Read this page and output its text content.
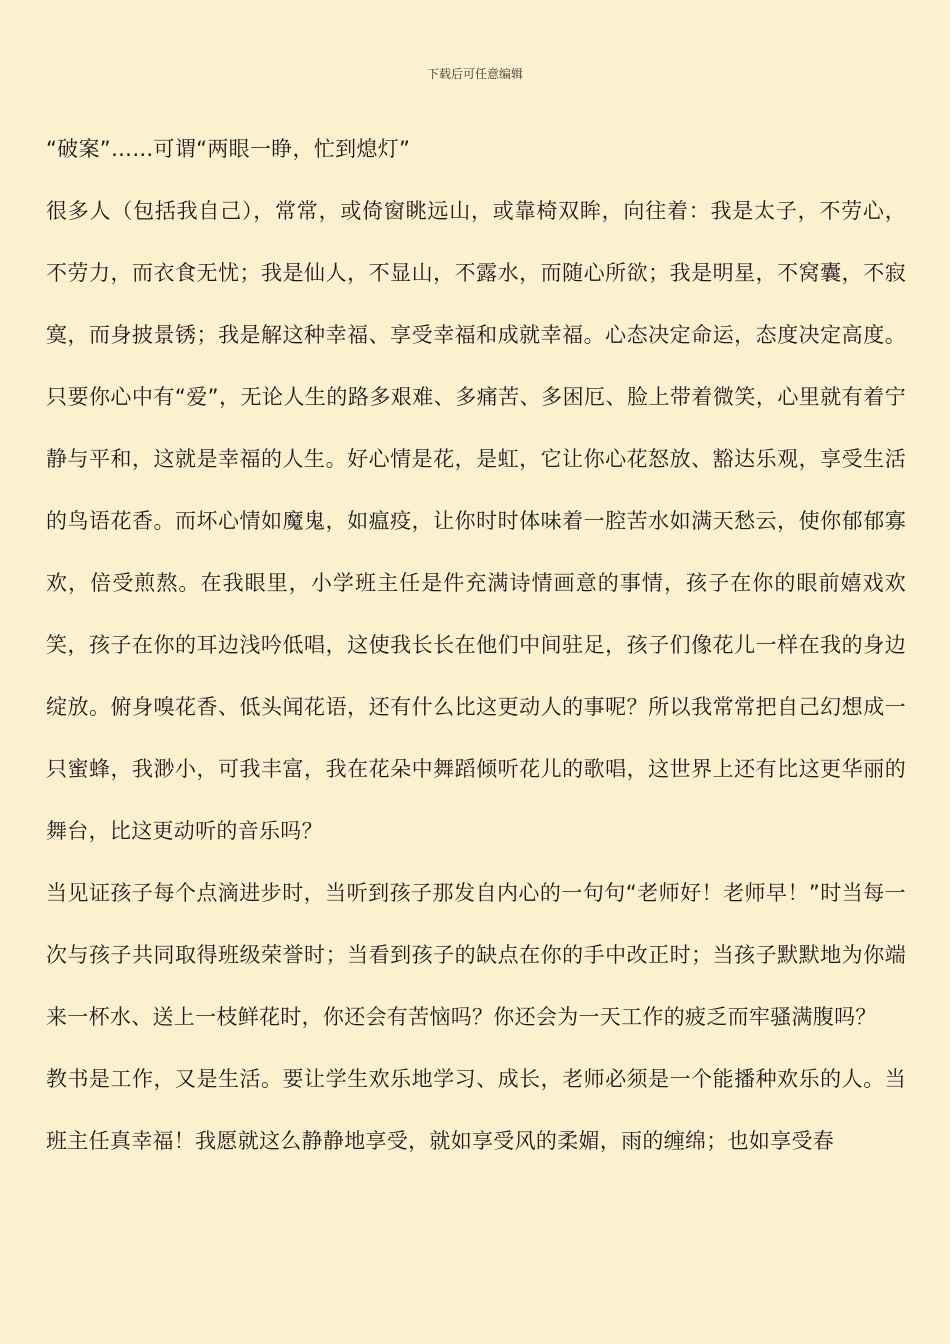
下载后可任意编辑

“破案”……可谓“两眼一睁，忙到熄灯”

很多人（包括我自己），常常，或倚窗眺远山，或靠椅双眸，向往着：我是太子，不劳心，不劳力，而衣食无忧；我是仙人，不显山，不露水，而随心所欲；我是明星，不窝囊，不寂寞，而身披景锈；我是解这种幸福、享受幸福和成就幸福。心态决定命运，态度决定高度。只要你心中有“爱”，无论人生的路多艰难、多痛苦、多困厄、脸上带着微笑，心里就有着宁静与平和，这就是幸福的人生。好心情是花，是虹，它让你心花怒放、豁达乐观，享受生活的鸟语花香。而坏心情如魔鬼，如瘟疫，让你时时体味着一腔苦水如满天愁云，使你郁郁寡欢，倍受煎熬。在我眼里，小学班主任是件充满诗情画意的事情，孩子在你的眼前嬉戏欢笑，孩子在你的耳边浅吟低唱，这使我长长在他们中间驻足，孩子们像花儿一样在我的身边绽放。俯身嗅花香、低头闻花语，还有什么比这更动人的事呢？所以我常常把自己幻想成一只蜜蜂，我渺小，可我丰富，我在花朵中舞蹈倾听花儿的歌唱，这世界上还有比这更华丽的舞台，比这更动听的音乐吗？

当见证孩子每个点滴进步时，当听到孩子那发自内心的一句句“老师好！老师早！”时当每一次与孩子共同取得班级荣誉时；当看到孩子的缺点在你的手中改正时；当孩子默默地为你端来一杯水、送上一枝鲜花时，你还会有苦恼吗？你还会为一天工作的疲乏而牢骚满腹吗？

教书是工作，又是生活。要让学生欢乐地学习、成长，老师必须是一个能播种欢乐的人。当班主任真幸福！我愿就这么静静地享受，就如享受风的柔媚，雨的缠绵；也如享受春
